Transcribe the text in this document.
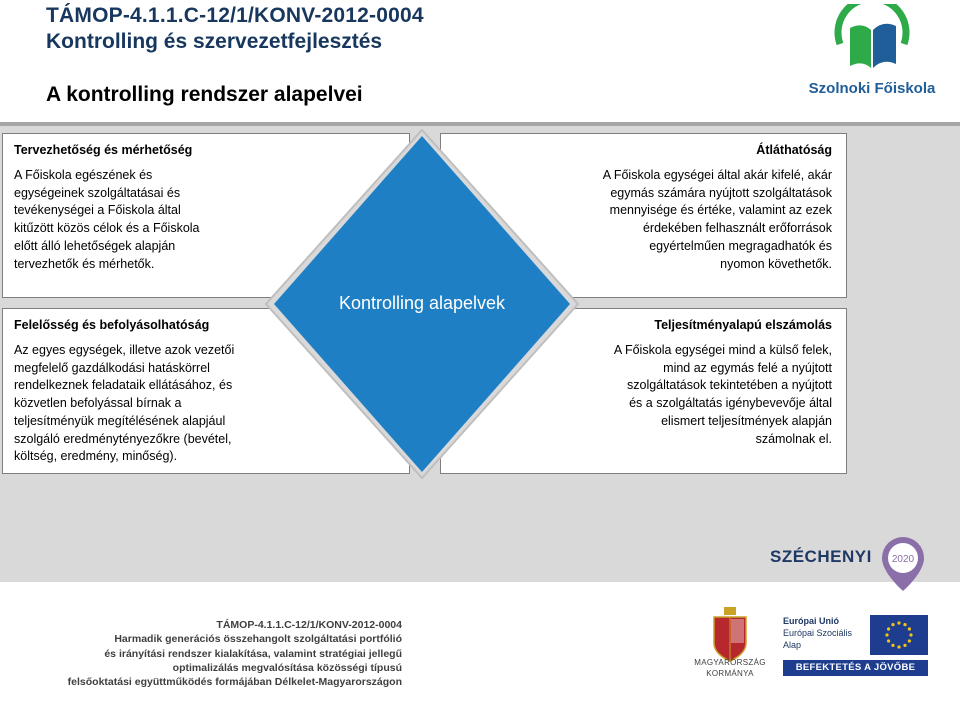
TÁMOP-4.1.1.C-12/1/KONV-2012-0004
Kontrolling és szervezetfejlesztés
A kontrolling rendszer alapelvei	Szolnoki Főiskola
Tervezhetőség és mérhetőség
A Főiskola egészének és
egységeinek szolgáltatásai és
tevékenységei a Főiskola által
kitűzött közös célok és a Főiskola
előtt álló lehetőségek alapján
tervezhetők és mérhetők.
Átláthatóság
A Főiskola egységei által akár kifelé, akár
egymás számára nyújtott szolgáltatások
mennyisége és értéke, valamint az ezek
érdekében felhasznált erőforrások
egyértelműen megragadhatók és
nyomon követhetők.
Felelősség és befolyásolhatóság
Az egyes egységek, illetve azok vezetői
megfelelő gazdálkodási hatáskörrel
rendelkeznek feladataik ellátásához, és
közvetlen befolyással bírnak a
teljesítményük megítélésének alapjául
szolgáló eredménytényezőkre (bevétel,
költség, eredmény, minőség).
Teljesítményalapú elszámolás
A Főiskola egységei mind a külső felek,
mind az egymás felé a nyújtott
szolgáltatások tekintetében a nyújtott
és a szolgáltatás igénybevevője által
elismert teljesítmények alapján
számolnak el.
Kontrolling alapelvek
TÁMOP-4.1.1.C-12/1/KONV-2012-0004
Harmadik generációs összehangolt szolgáltatási portfólió
és irányítási rendszer kialakítása, valamint stratégiai jellegű
optimalizálás megvalósítása közösségi típusú
felsőoktatási együttműködés formájában Délkelet-Magyarországon
SZÉCHENYI 2020
MAGYARORSZÁG
KORMÁNYA
Európai Unió
Európai Szociális
Alap
BEFEKTETÉS A JÖVŐBE
